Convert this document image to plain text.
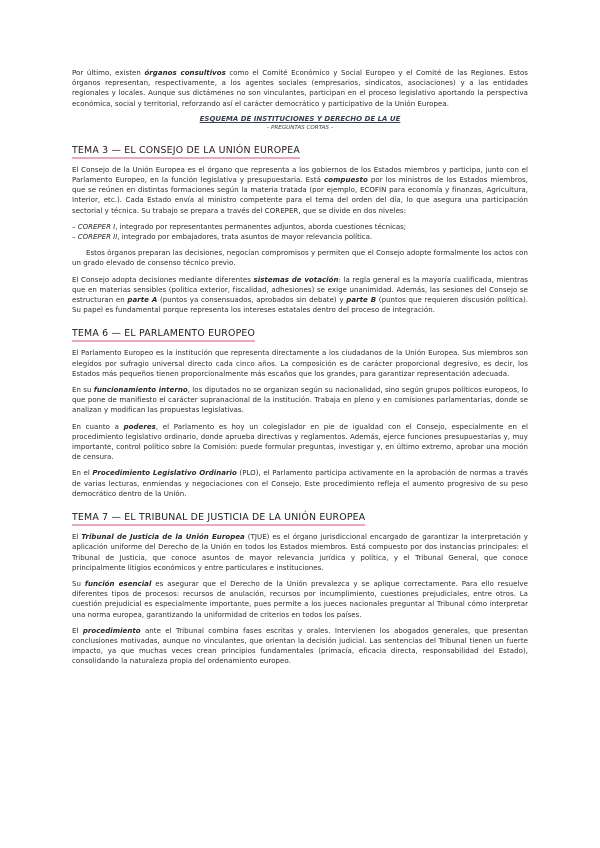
Por último, existen órganos consultivos como el Comité Económico y Social Europeo y el Comité de las Regiones. Estos órganos representan, respectivamente, a los agentes sociales (empresarios, sindicatos, asociaciones) y a las entidades regionales y locales. Aunque sus dictámenes no son vinculantes, participan en el proceso legislativo aportando la perspectiva económica, social y territorial, reforzando así el carácter democrático y participativo de la Unión Europea.

ESQUEMA DE INSTITUCIONES Y DERECHO DE LA UE
– PREGUNTAS CORTAS –
TEMA 3 — EL CONSEJO DE LA UNIÓN EUROPEA

El Consejo de la Unión Europea es el órgano que representa a los gobiernos de los Estados miembros y participa, junto con el Parlamento Europeo, en la función legislativa y presupuestaria. Está compuesto por los ministros de los Estados miembros, que se reúnen en distintas formaciones según la materia tratada (por ejemplo, ECOFIN para economía y finanzas, Agricultura, Interior, etc.). Cada Estado envía al ministro competente para el tema del orden del día, lo que asegura una participación sectorial y técnica. Su trabajo se prepara a través del COREPER, que se divide en dos niveles:

– COREPER I, integrado por representantes permanentes adjuntos, aborda cuestiones técnicas;
– COREPER II, integrado por embajadores, trata asuntos de mayor relevancia política.

Estos órganos preparan las decisiones, negocian compromisos y permiten que el Consejo adopte formalmente los actos con un grado elevado de consenso técnico previo.

El Consejo adopta decisiones mediante diferentes sistemas de votación: la regla general es la mayoría cualificada, mientras que en materias sensibles (política exterior, fiscalidad, adhesiones) se exige unanimidad. Además, las sesiones del Consejo se estructuran en parte A (puntos ya consensuados, aprobados sin debate) y parte B (puntos que requieren discusión política). Su papel es fundamental porque representa los intereses estatales dentro del proceso de integración.

TEMA 6 — EL PARLAMENTO EUROPEO

El Parlamento Europeo es la institución que representa directamente a los ciudadanos de la Unión Europea. Sus miembros son elegidos por sufragio universal directo cada cinco años. La composición es de carácter proporcional degresivo, es decir, los Estados más pequeños tienen proporcionalmente más escaños que los grandes, para garantizar representación adecuada.

En su funcionamiento interno, los diputados no se organizan según su nacionalidad, sino según grupos políticos europeos, lo que pone de manifiesto el carácter supranacional de la institución. Trabaja en pleno y en comisiones parlamentarias, donde se analizan y modifican las propuestas legislativas.

En cuanto a poderes, el Parlamento es hoy un colegislador en pie de igualdad con el Consejo, especialmente en el procedimiento legislativo ordinario, donde aprueba directivas y reglamentos. Además, ejerce funciones presupuestarias y, muy importante, control político sobre la Comisión: puede formular preguntas, investigar y, en último extremo, aprobar una moción de censura.

En el Procedimiento Legislativo Ordinario (PLO), el Parlamento participa activamente en la aprobación de normas a través de varias lecturas, enmiendas y negociaciones con el Consejo. Este procedimiento refleja el aumento progresivo de su peso democrático dentro de la Unión.

TEMA 7 — EL TRIBUNAL DE JUSTICIA DE LA UNIÓN EUROPEA

El Tribunal de Justicia de la Unión Europea (TJUE) es el órgano jurisdiccional encargado de garantizar la interpretación y aplicación uniforme del Derecho de la Unión en todos los Estados miembros. Está compuesto por dos instancias principales: el Tribunal de Justicia, que conoce asuntos de mayor relevancia jurídica y política, y el Tribunal General, que conoce principalmente litigios económicos y entre particulares e instituciones.

Su función esencial es asegurar que el Derecho de la Unión prevalezca y se aplique correctamente. Para ello resuelve diferentes tipos de procesos: recursos de anulación, recursos por incumplimiento, cuestiones prejudiciales, entre otros. La cuestión prejudicial es especialmente importante, pues permite a los jueces nacionales preguntar al Tribunal cómo interpretar una norma europea, garantizando la uniformidad de criterios en todos los países.

El procedimiento ante el Tribunal combina fases escritas y orales. Intervienen los abogados generales, que presentan conclusiones motivadas, aunque no vinculantes, que orientan la decisión judicial. Las sentencias del Tribunal tienen un fuerte impacto, ya que muchas veces crean principios fundamentales (primacía, eficacia directa, responsabilidad del Estado), consolidando la naturaleza propia del ordenamiento europeo.
